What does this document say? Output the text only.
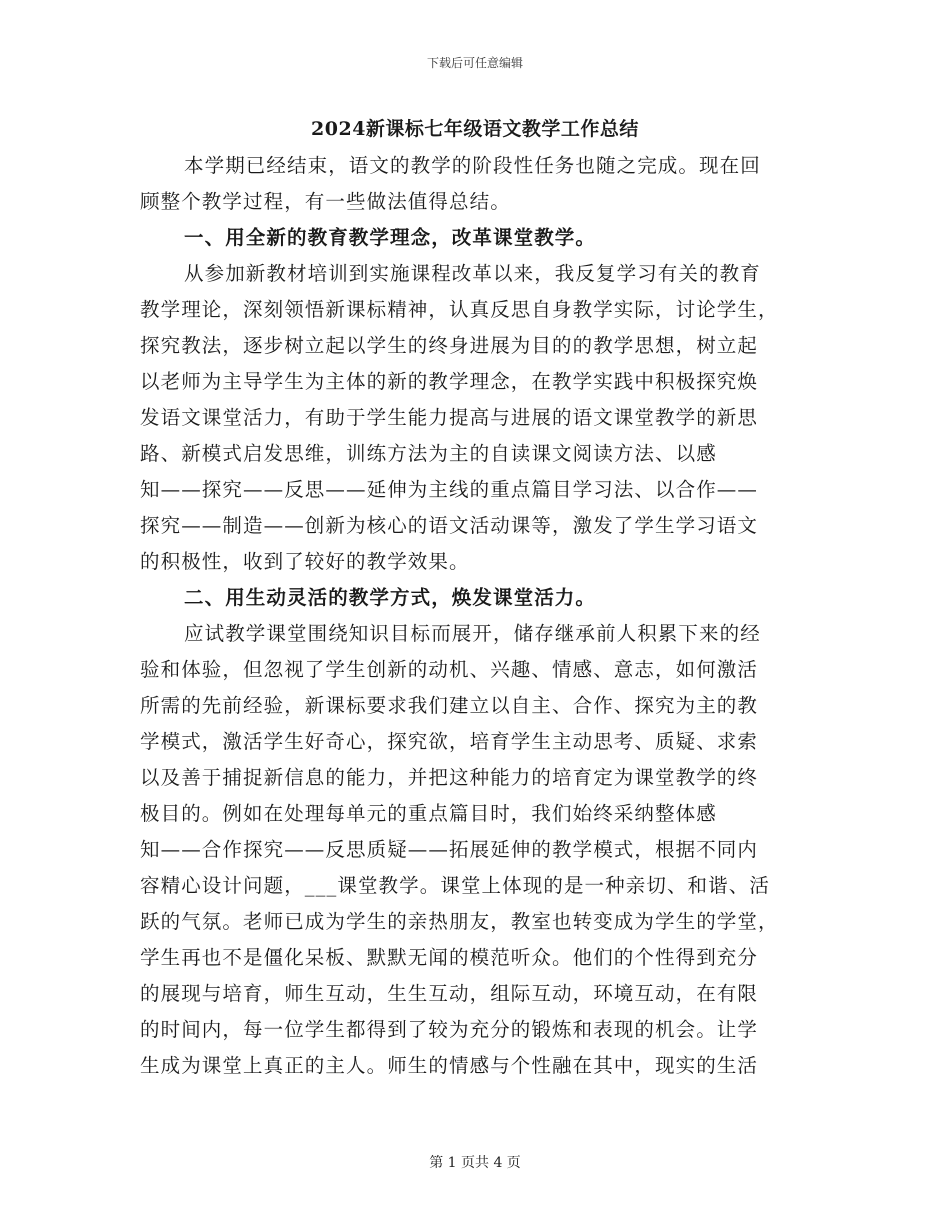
下载后可任意编辑
2024新课标七年级语文教学工作总结
本学期已经结束，语文的教学的阶段性任务也随之完成。现在回
顾整个教学过程，有一些做法值得总结。
一、用全新的教育教学理念，改革课堂教学。
从参加新教材培训到实施课程改革以来，我反复学习有关的教育
教学理论，深刻领悟新课标精神，认真反思自身教学实际，讨论学生，
探究教法，逐步树立起以学生的终身进展为目的的教学思想，树立起
以老师为主导学生为主体的新的教学理念，在教学实践中积极探究焕
发语文课堂活力，有助于学生能力提高与进展的语文课堂教学的新思
路、新模式启发思维，训练方法为主的自读课文阅读方法、以感
知——探究——反思——延伸为主线的重点篇目学习法、以合作——
探究——制造——创新为核心的语文活动课等，激发了学生学习语文
的积极性，收到了较好的教学效果。
二、用生动灵活的教学方式，焕发课堂活力。
应试教学课堂围绕知识目标而展开，储存继承前人积累下来的经
验和体验，但忽视了学生创新的动机、兴趣、情感、意志，如何激活
所需的先前经验，新课标要求我们建立以自主、合作、探究为主的教
学模式，激活学生好奇心，探究欲，培育学生主动思考、质疑、求索
以及善于捕捉新信息的能力，并把这种能力的培育定为课堂教学的终
极目的。例如在处理每单元的重点篇目时，我们始终采纳整体感
知——合作探究——反思质疑——拓展延伸的教学模式，根据不同内
容精心设计问题，___课堂教学。课堂上体现的是一种亲切、和谐、活
跃的气氛。老师已成为学生的亲热朋友，教室也转变成为学生的学堂，
学生再也不是僵化呆板、默默无闻的模范听众。他们的个性得到充分
的展现与培育，师生互动，生生互动，组际互动，环境互动，在有限
的时间内，每一位学生都得到了较为充分的锻炼和表现的机会。让学
生成为课堂上真正的主人。师生的情感与个性融在其中，现实的生活
第 1 页共 4 页
